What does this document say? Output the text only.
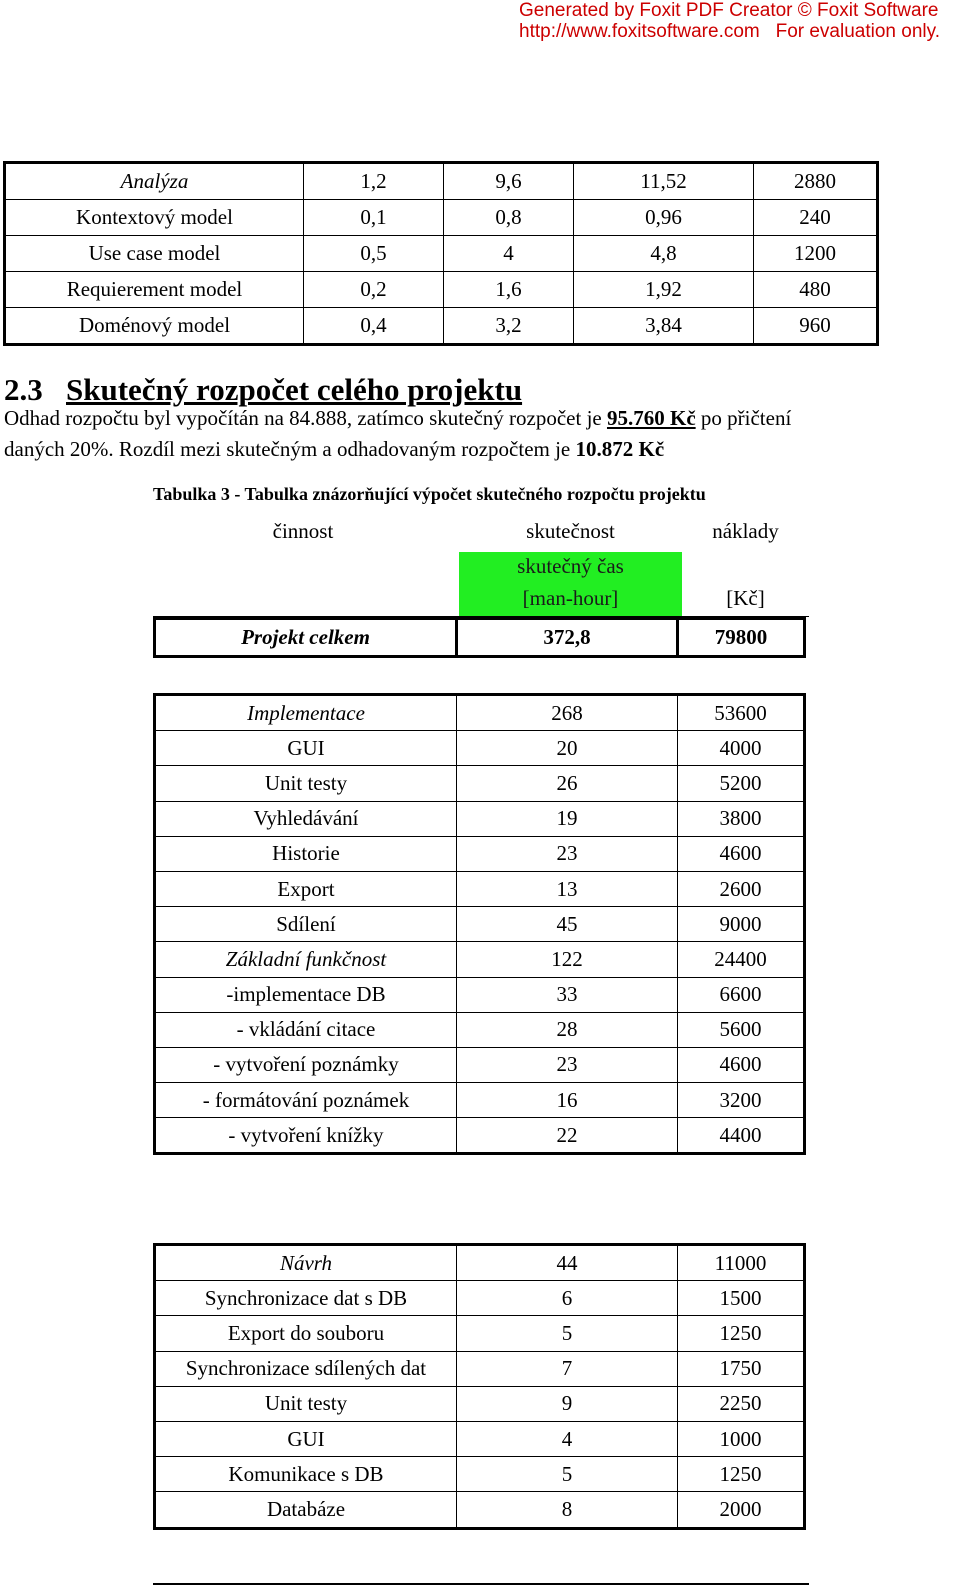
Generated by Foxit PDF Creator © Foxit Software
http://www.foxitsoftware.com   For evaluation only.
Analýza	1,2	9,6	11,52	2880
Kontextový model	0,1	0,8	0,96	240
Use case model	0,5	4	4,8	1200
Requierement model	0,2	1,6	1,92	480
Doménový model	0,4	3,2	3,84	960
2.3 Skutečný rozpočet celého projektu
Odhad rozpočtu byl vypočítán na 84.888, zatímco skutečný rozpočet je 95.760 Kč po přičtení
daných 20%. Rozdíl mezi skutečným a odhadovaným rozpočtem je 10.872 Kč
Tabulka 3 - Tabulka znázorňující výpočet skutečného rozpočtu projektu
činnost	skutečnost	náklady
skutečný čas
[man-hour]	[Kč]
Projekt celkem	372,8	79800
Implementace	268	53600
GUI	20	4000
Unit testy	26	5200
Vyhledávání	19	3800
Historie	23	4600
Export	13	2600
Sdílení	45	9000
Základní funkčnost	122	24400
-implementace DB	33	6600
- vkládání citace	28	5600
- vytvoření poznámky	23	4600
- formátování poznámek	16	3200
- vytvoření knížky	22	4400
Návrh	44	11000
Synchronizace dat s DB	6	1500
Export do souboru	5	1250
Synchronizace sdílených dat	7	1750
Unit testy	9	2250
GUI	4	1000
Komunikace s DB	5	1250
Databáze	8	2000
